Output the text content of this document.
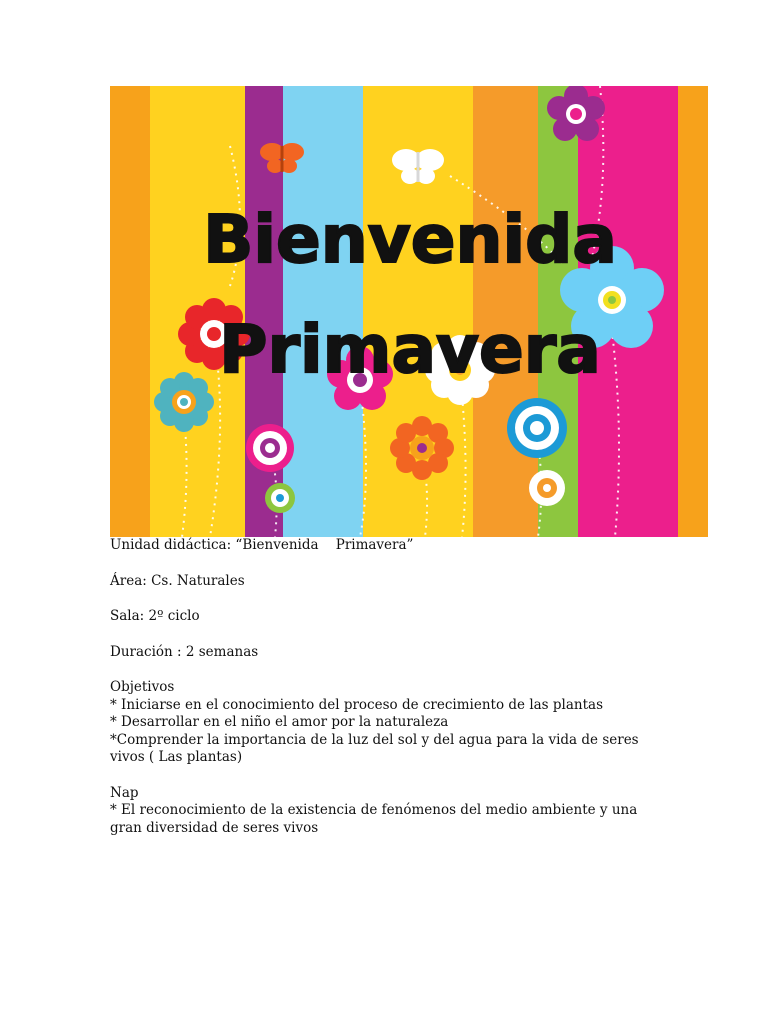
Bienvenida
Primavera

Unidad didáctica: “Bienvenida    Primavera”

Área: Cs. Naturales

Sala: 2º ciclo

Duración : 2 semanas

Objetivos

* Iniciarse en el conocimiento del proceso de crecimiento de las plantas

* Desarrollar en el niño el amor por la naturaleza

*Comprender la importancia de la luz del sol y del agua para la vida de seres vivos ( Las plantas)

Nap

* El reconocimiento de la existencia de fenómenos del medio ambiente y una gran diversidad de seres vivos
